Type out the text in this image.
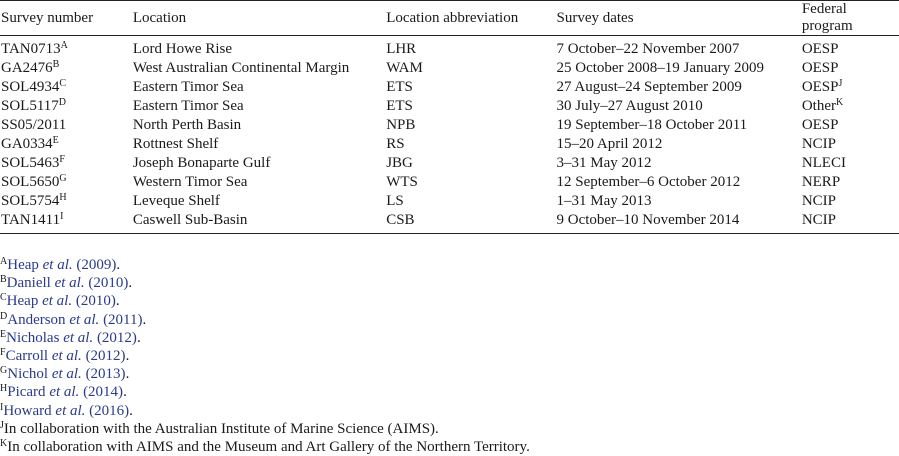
Survey number	Location	Location abbreviation	Survey dates	Federal program
$TAN0713^A$	Lord Howe Rise	LHR	7 October–22 November 2007	OESP
$GA2476^B$	West Australian Continental Margin	WAM	25 October 2008–19 January 2009	OESP
$SOL4934^C$	Eastern Timor Sea	ETS	27 August–24 September 2009	$OESP^J$
$SOL5117^D$	Eastern Timor Sea	ETS	30 July–27 August 2010	Other$^K$
SS05/2011	North Perth Basin	NPB	19 September–18 October 2011	OESP
$GA0334^E$	Rottnest Shelf	RS	15–20 April 2012	NCIP
$SOL5463^F$	Joseph Bonaparte Gulf	JBG	3–31 May 2012	NLECI
$SOL5650^G$	Western Timor Sea	WTS	12 September–6 October 2012	NERP
$SOL5754^H$	Leveque Shelf	LS	1–31 May 2013	NCIP
$TAN1411^I$	Caswell Sub-Basin	CSB	9 October–10 November 2014	NCIP
$^A$Heap et al. (2009).
$^B$Daniell et al. (2010).
$^C$Heap et al. (2010).
$^D$Anderson et al. (2011).
$^E$Nicholas et al. (2012).
$^F$Carroll et al. (2012).
$^G$Nichol et al. (2013).
$^H$Picard et al. (2014).
$^I$Howard et al. (2016).
$^J$In collaboration with the Australian Institute of Marine Science (AIMS).
$^K$In collaboration with AIMS and the Museum and Art Gallery of the Northern Territory.
